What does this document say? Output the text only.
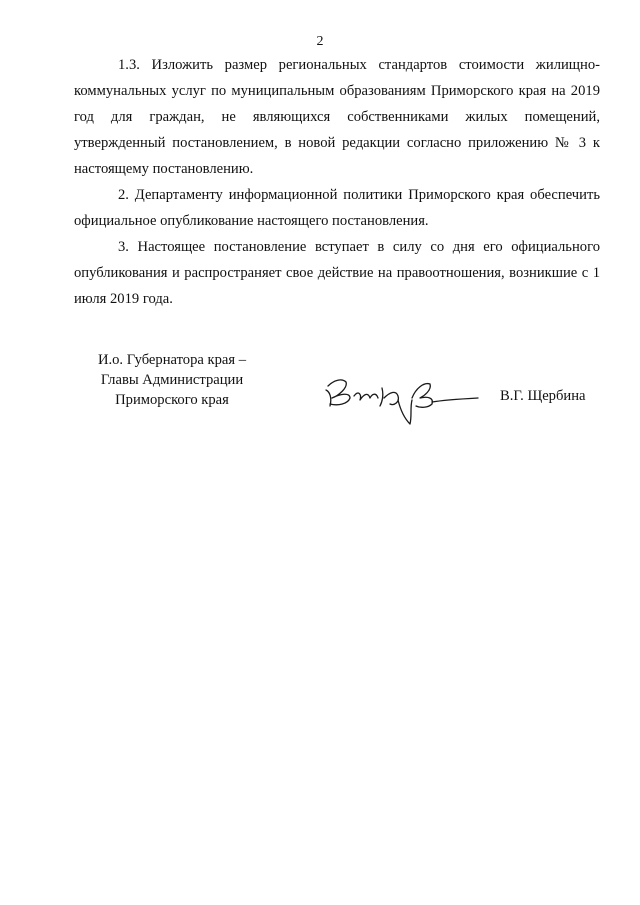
2

1.3. Изложить размер региональных стандартов стоимости жилищно-коммунальных услуг по муниципальным образованиям Приморского края на 2019 год для граждан, не являющихся собственниками жилых помещений, утвержденный постановлением, в новой редакции согласно приложению № 3 к настоящему постановлению.

2. Департаменту информационной политики Приморского края обеспечить официальное опубликование настоящего постановления.

3. Настоящее постановление вступает в силу со дня его официального опубликования и распространяет свое действие на правоотношения, возникшие с 1 июля 2019 года.

И.о. Губернатора края –
Главы Администрации
Приморского края	В.Г. Щербина
